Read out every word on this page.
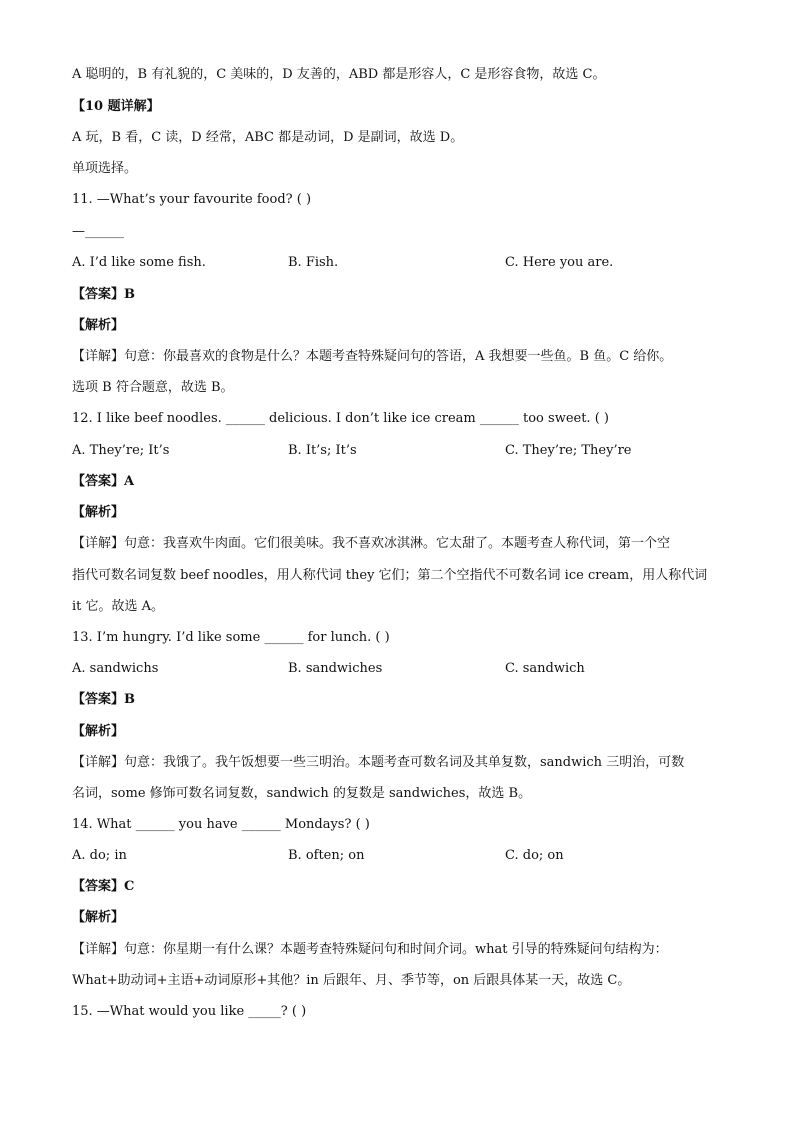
A 聪明的，B 有礼貌的，C 美味的，D 友善的，ABD 都是形容人，C 是形容食物，故选 C。
【10 题详解】
A 玩，B 看，C 读，D 经常，ABC 都是动词，D 是副词，故选 D。
单项选择。
11. —What’s your favourite food? ( )
—______
A. I’d like some fish.	B. Fish.	C. Here you are.
【答案】B
【解析】
【详解】句意：你最喜欢的食物是什么？本题考查特殊疑问句的答语，A 我想要一些鱼。B 鱼。C 给你。
选项 B 符合题意，故选 B。
12. I like beef noodles. ______ delicious. I don’t like ice cream ______ too sweet. ( )
A. They’re; It’s	B. It’s; It’s	C. They’re; They’re
【答案】A
【解析】
【详解】句意：我喜欢牛肉面。它们很美味。我不喜欢冰淇淋。它太甜了。本题考查人称代词，第一个空
指代可数名词复数 beef noodles，用人称代词 they 它们；第二个空指代不可数名词 ice cream，用人称代词
it 它。故选 A。
13. I’m hungry. I’d like some ______ for lunch. ( )
A. sandwichs	B. sandwiches	C. sandwich
【答案】B
【解析】
【详解】句意：我饿了。我午饭想要一些三明治。本题考查可数名词及其单复数，sandwich 三明治，可数
名词，some 修饰可数名词复数，sandwich 的复数是 sandwiches，故选 B。
14. What ______ you have ______ Mondays? ( )
A. do; in	B. often; on	C. do; on
【答案】C
【解析】
【详解】句意：你星期一有什么课？本题考查特殊疑问句和时间介词。what 引导的特殊疑问句结构为：
What+助动词+主语+动词原形+其他？in 后跟年、月、季节等，on 后跟具体某一天，故选 C。
15. —What would you like _____? ( )
